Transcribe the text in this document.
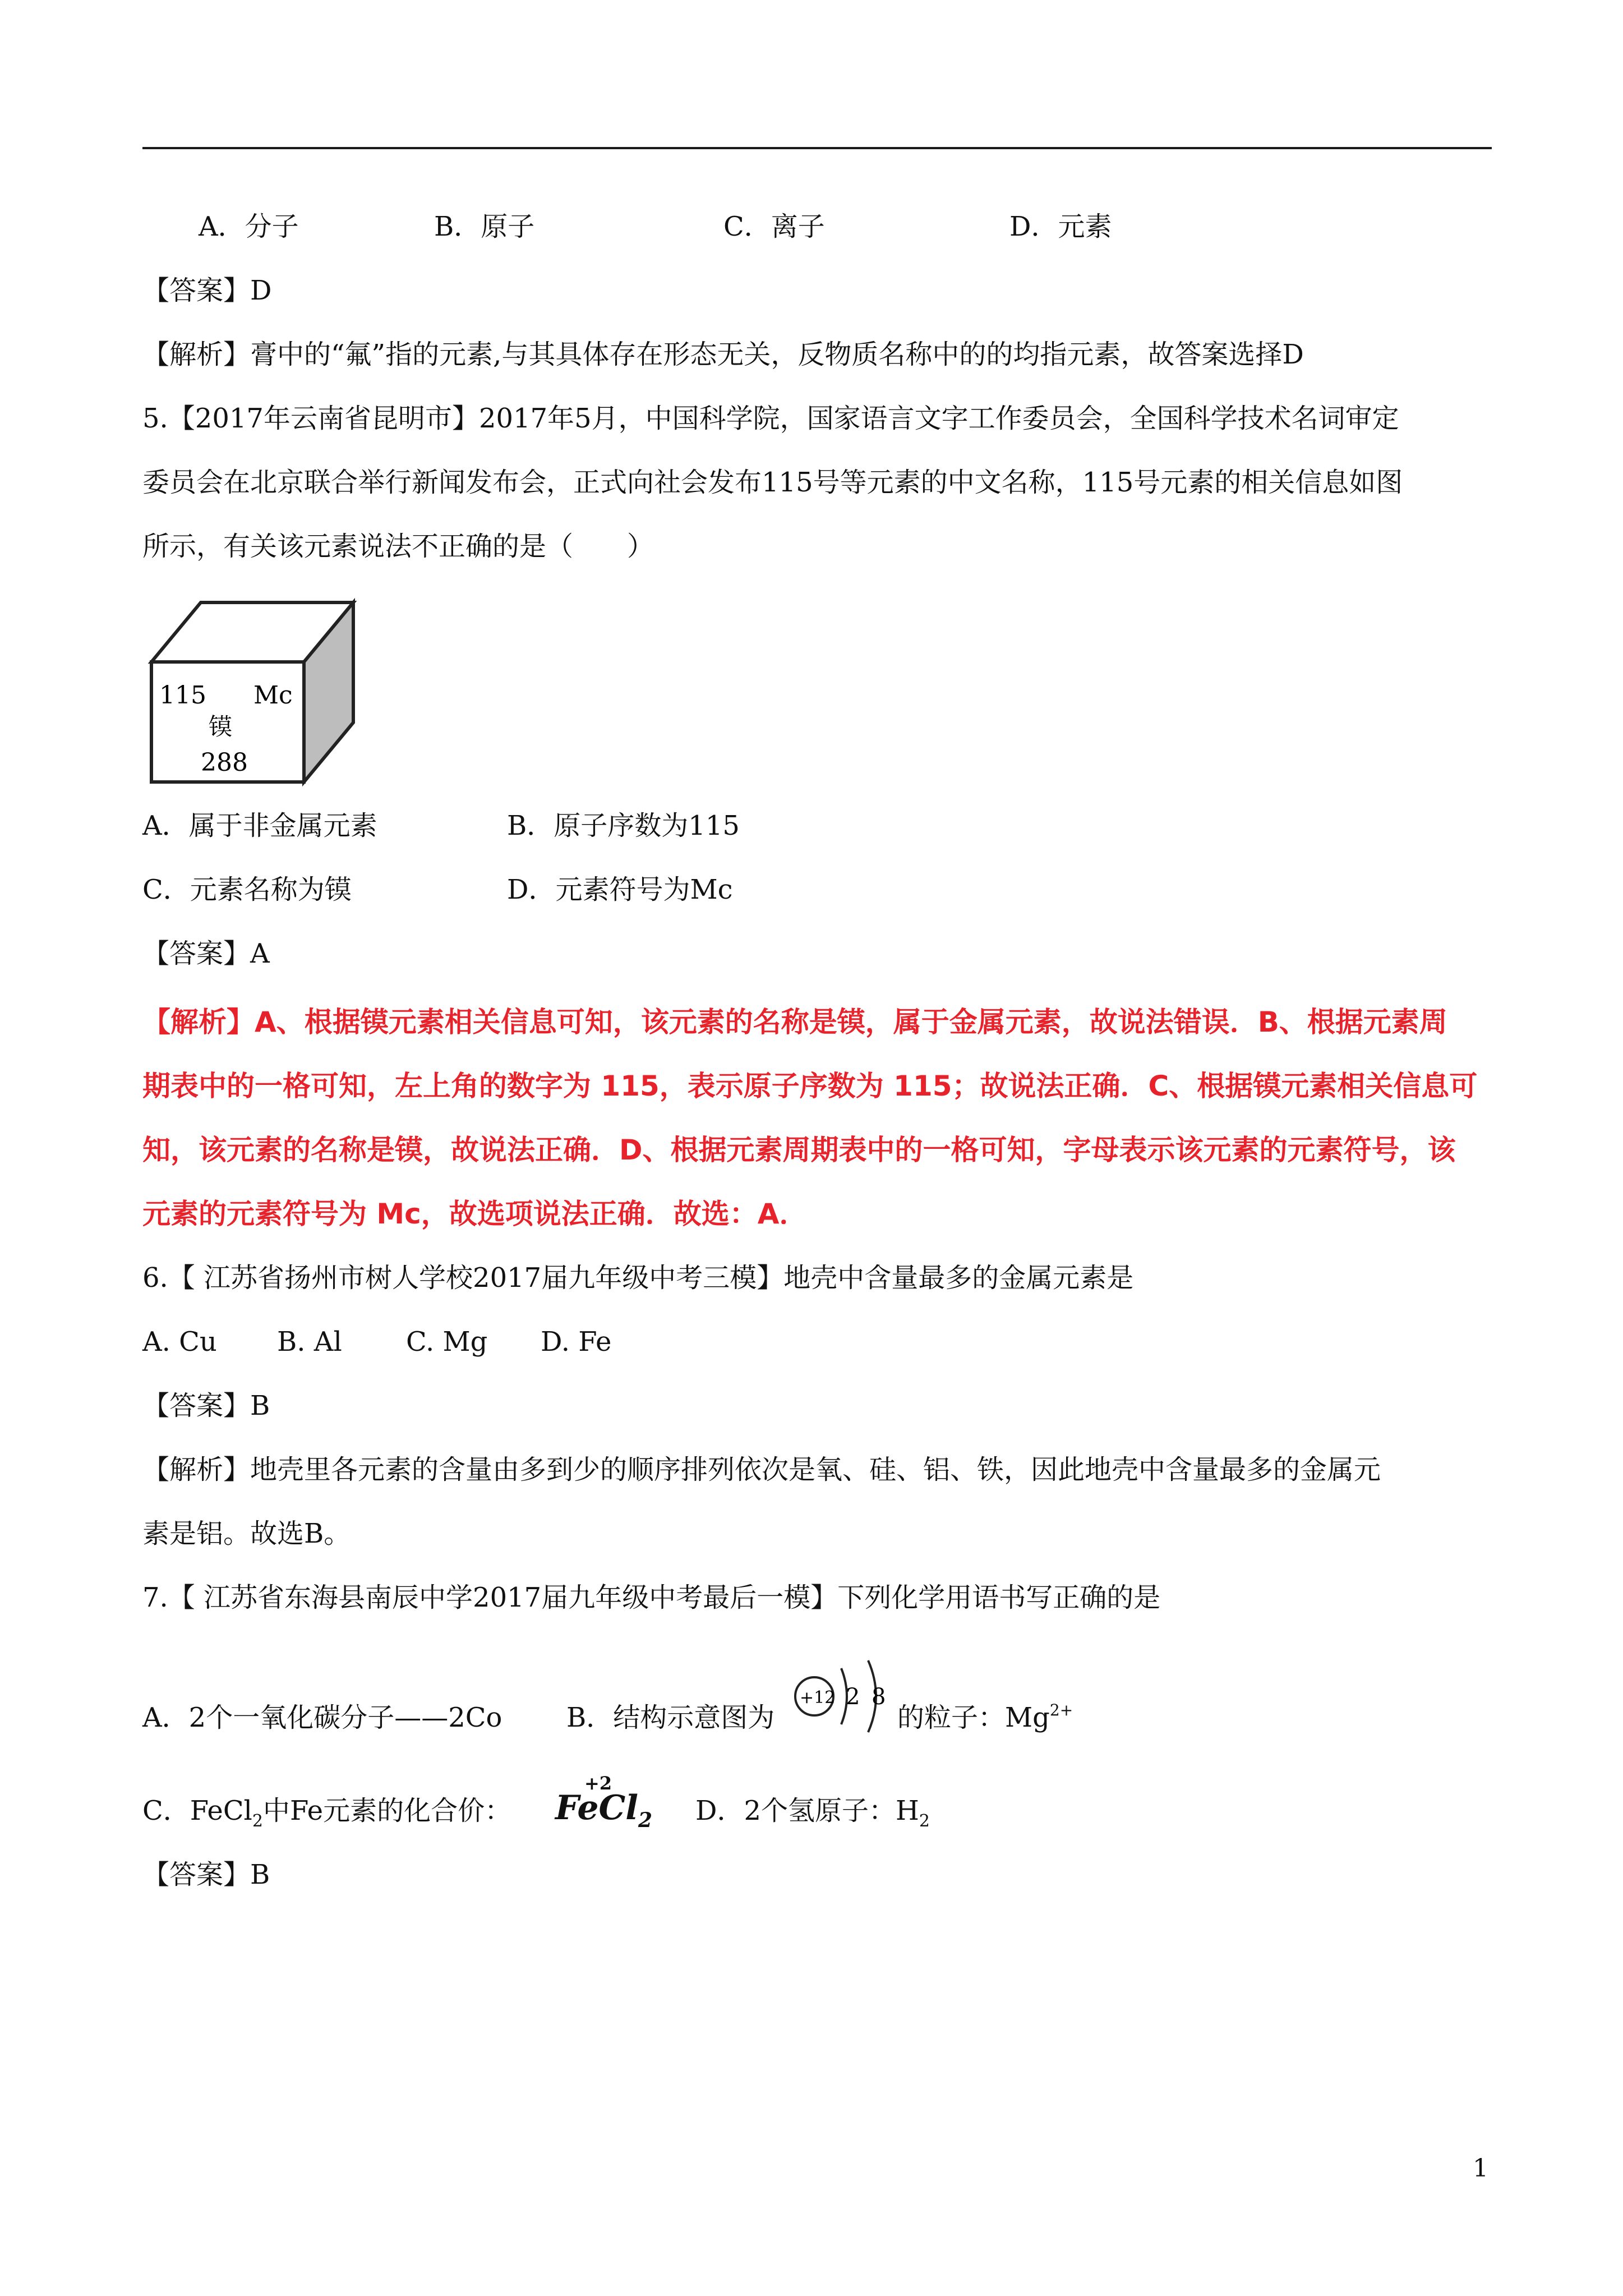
A．分子	B．原子	C．离子	D．元素
【答案】D
【解析】膏中的“氟”指的元素,与其具体存在形态无关，反物质名称中的的均指元素，故答案选择D
5.【2017年云南省昆明市】2017年5月，中国科学院，国家语言文字工作委员会，全国科学技术名词审定
委员会在北京联合举行新闻发布会，正式向社会发布115号等元素的中文名称，115号元素的相关信息如图
所示，有关该元素说法不正确的是（　　）
115 Mc
镆
288
A．属于非金属元素	B．原子序数为115
C．元素名称为镆	D．元素符号为Mc
【答案】A
【解析】A、根据镆元素相关信息可知，该元素的名称是镆，属于金属元素，故说法错误．B、根据元素周
期表中的一格可知，左上角的数字为 115，表示原子序数为 115；故说法正确．C、根据镆元素相关信息可
知，该元素的名称是镆，故说法正确．D、根据元素周期表中的一格可知，字母表示该元素的元素符号，该
元素的元素符号为 Mc，故选项说法正确．故选：A．
6.【 江苏省扬州市树人学校2017届九年级中考三模】地壳中含量最多的金属元素是
A. Cu B. Al C. Mg D. Fe
【答案】B
【解析】地壳里各元素的含量由多到少的顺序排列依次是氧、硅、铝、铁，因此地壳中含量最多的金属元
素是铝。故选B。
7.【 江苏省东海县南辰中学2017届九年级中考最后一模】下列化学用语书写正确的是
A．2个一氧化碳分子——2Co B．结构示意图为
+12 2 8
的粒子：$Mg^{2+}$
C．FeCl$_2$中Fe元素的化合价：
+2
FeCl$_2$ D．2个氢原子：$H_2$
【答案】B
1
